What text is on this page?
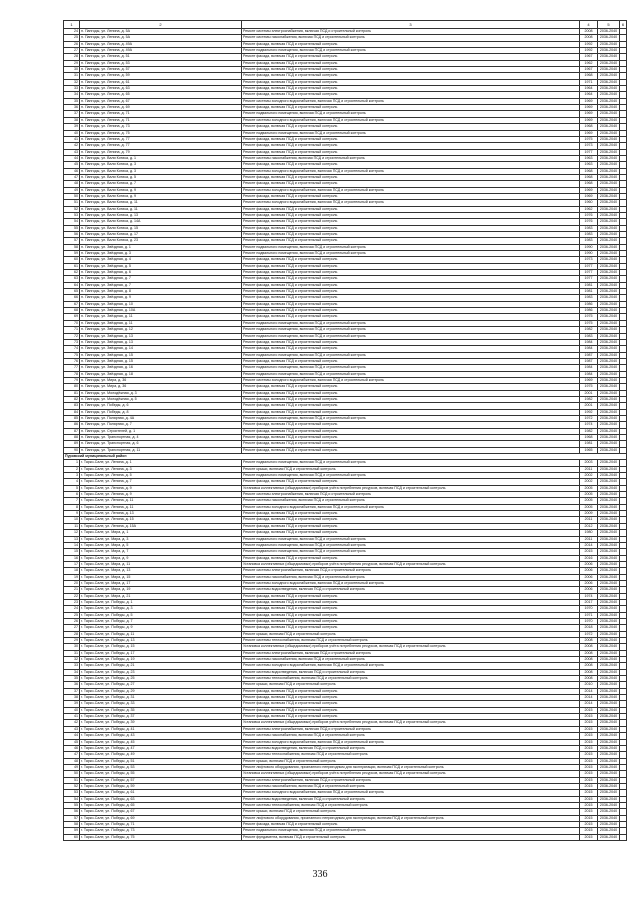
1	2	3	4	5	6
24	п. Пангоды, ул. Ленина, д. 5А	Ремонт системы электроснабжения, включая ПСД и строительный контроль	2008	2036-2040	
25	п. Пангоды, ул. Ленина, д. 5А	Ремонт системы газоснабжения, включая ПСД и строительный контроль	2008	2036-2040	
26	п. Пангоды, ул. Ленина, д. 49А	Ремонт фасада, включая ПСД и строительный контроль	1992	2036-2040	
27	п. Пангоды, ул. Ленина, д. 49А	Ремонт подвального помещения, включая ПСД и строительный контроль	1992	2036-2040	
28	п. Пангоды, ул. Ленина, д. 51	Ремонт фасада, включая ПСД и строительный контроль	1967	2036-2040	
29	п. Пангоды, ул. Ленина, д. 53	Ремонт фасада, включая ПСД и строительный контроль	1962	2036-2040	
30	п. Пангоды, ул. Ленина, д. 57	Ремонт фасада, включая ПСД и строительный контроль	1967	2036-2040	
31	п. Пангоды, ул. Ленина, д. 59	Ремонт фасада, включая ПСД и строительный контроль	1968	2036-2040	
32	п. Пангоды, ул. Ленина, д. 61	Ремонт фасада, включая ПСД и строительный контроль	1971	2036-2040	
33	п. Пангоды, ул. Ленина, д. 63	Ремонт фасада, включая ПСД и строительный контроль	1964	2036-2040	
34	п. Пангоды, ул. Ленина, д. 65	Ремонт фасада, включая ПСД и строительный контроль	1964	2036-2040	
35	п. Пангоды, ул. Ленина, д. 67	Ремонт системы холодного водоснабжения, включая ПСД и строительный контроль	1969	2036-2040	
36	п. Пангоды, ул. Ленина, д. 69	Ремонт фасада, включая ПСД и строительный контроль	1969	2036-2040	
37	п. Пангоды, ул. Ленина, д. 71	Ремонт подвального помещения, включая ПСД и строительный контроль	1969	2036-2040	
38	п. Пангоды, ул. Ленина, д. 71	Ремонт системы холодного водоснабжения, включая ПСД и строительный контроль	1969	2036-2040	
39	п. Пангоды, ул. Ленина, д. 73	Ремонт фасада, включая ПСД и строительный контроль	1968	2036-2040	
40	п. Пангоды, ул. Ленина, д. 75	Ремонт подвального помещения, включая ПСД и строительный контроль	1969	2036-2040	
41	п. Пангоды, ул. Ленина, д. 77	Ремонт фасада, включая ПСД и строительный контроль	1975	2036-2040	
42	п. Пангоды, ул. Ленина, д. 77	Ремонт фасада, включая ПСД и строительный контроль	1973	2036-2040	
43	п. Пангоды, ул. Ленина, д. 79	Ремонт фасада, включая ПСД и строительный контроль	1977	2036-2040	
44	п. Пангоды, ул. Вали Котика, д. 1	Ремонт системы газоснабжения, включая ПСД и строительный контроль	1963	2036-2040	
45	п. Пангоды, ул. Вали Котика, д. 3	Ремонт фасада, включая ПСД и строительный контроль	1963	2036-2040	
46	п. Пангоды, ул. Вали Котика, д. 3	Ремонт системы холодного водоснабжения, включая ПСД и строительный контроль	1968	2036-2040	
47	п. Пангоды, ул. Вали Котика, д. 5	Ремонт фасада, включая ПСД и строительный контроль	1968	2036-2040	
48	п. Пангоды, ул. Вали Котика, д. 7	Ремонт фасада, включая ПСД и строительный контроль	1968	2036-2040	
49	п. Пангоды, ул. Вали Котика, д. 9	Ремонт системы холодного водоснабжения, включая ПСД и строительный контроль	1969	2036-2040	
50	п. Пангоды, ул. Вали Котика, д. 9	Ремонт фасада, включая ПСД и строительный контроль	1969	2036-2040	
51	п. Пангоды, ул. Вали Котика, д. 11	Ремонт системы холодного водоснабжения, включая ПСД и строительный контроль	1960	2036-2040	
52	п. Пангоды, ул. Вали Котика, д. 11	Ремонт фасада, включая ПСД и строительный контроль	1962	2036-2040	
53	п. Пангоды, ул. Вали Котика, д. 13	Ремонт фасада, включая ПСД и строительный контроль	1976	2036-2040	
54	п. Пангоды, ул. Вали Котика, д. 14А	Ремонт фасада, включая ПСД и строительный контроль	1976	2036-2040	
55	п. Пангоды, ул. Вали Котика, д. 15	Ремонт фасада, включая ПСД и строительный контроль	1983	2036-2040	
56	п. Пангоды, ул. Вали Котика, д. 17	Ремонт фасада, включая ПСД и строительный контроль	1983	2036-2040	
57	п. Пангоды, ул. Вали Котика, д. 23	Ремонт фасада, включая ПСД и строительный контроль	1983	2036-2040	
58	п. Пангоды, ул. Звёздная, д. 1	Ремонт подвального помещения, включая ПСД и строительный контроль	1990	2036-2040	
59	п. Пангоды, ул. Звёздная, д. 3	Ремонт подвального помещения, включая ПСД и строительный контроль	1990	2036-2040	
60	п. Пангоды, ул. Звёздная, д. 4	Ремонт фасада, включая ПСД и строительный контроль	1973	2036-2040	
61	п. Пангоды, ул. Звёздная, д. 5	Ремонт фасада, включая ПСД и строительный контроль	1977	2036-2040	
62	п. Пангоды, ул. Звёздная, д. 6	Ремонт фасада, включая ПСД и строительный контроль	1977	2036-2040	
63	п. Пангоды, ул. Звёздная, д. 7	Ремонт фасада, включая ПСД и строительный контроль	1977	2036-2040	
64	п. Пангоды, ул. Звёздная, д. 7	Ремонт фасада, включая ПСД и строительный контроль	1981	2036-2040	
65	п. Пангоды, ул. Звёздная, д. 8	Ремонт фасада, включая ПСД и строительный контроль	1981	2036-2040	
66	п. Пангоды, ул. Звёздная, д. 9	Ремонт фасада, включая ПСД и строительный контроль	1983	2036-2040	
67	п. Пангоды, ул. Звёздная, д. 10	Ремонт фасада, включая ПСД и строительный контроль	1986	2036-2040	
68	п. Пангоды, ул. Звёздная, д. 10А	Ремонт фасада, включая ПСД и строительный контроль	1986	2036-2040	
69	п. Пангоды, ул. Звёздная, д. 11	Ремонт фасада, включая ПСД и строительный контроль	1975	2036-2040	
70	п. Пангоды, ул. Звёздная, д. 11	Ремонт подвального помещения, включая ПСД и строительный контроль	1975	2036-2040	
71	п. Пангоды, ул. Звёздная, д. 12	Ремонт подвального помещения, включая ПСД и строительный контроль	1982	2036-2040	
72	п. Пангоды, ул. Звёздная, д. 13	Ремонт подвального помещения, включая ПСД и строительный контроль	1983	2036-2040	
73	п. Пангоды, ул. Звёздная, д. 13	Ремонт фасада, включая ПСД и строительный контроль	1984	2036-2040	
74	п. Пангоды, ул. Звёздная, д. 14	Ремонт фасада, включая ПСД и строительный контроль	1984	2036-2040	
75	п. Пангоды, ул. Звёздная, д. 15	Ремонт подвального помещения, включая ПСД и строительный контроль	1987	2036-2040	
76	п. Пангоды, ул. Звёздная, д. 15	Ремонт фасада, включая ПСД и строительный контроль	1987	2036-2040	
77	п. Пангоды, ул. Звёздная, д. 16	Ремонт подвального помещения, включая ПСД и строительный контроль	1984	2036-2040	
78	п. Пангоды, ул. Звёздная, д. 18	Ремонт подвального помещения, включая ПСД и строительный контроль	1984	2036-2040	
79	п. Пангоды, ул. Мира, д. 36	Ремонт системы холодного водоснабжения, включая ПСД и строительный контроль	1969	2036-2040	
80	п. Пангоды, ул. Мира, д. 36	Ремонт фасада, включая ПСД и строительный контроль	1975	2036-2040	
81	п. Пангоды, ул. Молодёжная, д. 3	Ремонт фасада, включая ПСД и строительный контроль	2001	2036-2040	
82	п. Пангоды, ул. Молодёжная, д. 5	Ремонт фасада, включая ПСД и строительный контроль	1982	2036-2040	
83	п. Пангоды, ул. Победы, д. 6	Ремонт фасада, включая ПСД и строительный контроль	2001	2036-2040	
84	п. Пангоды, ул. Победы, д. 8	Ремонт фасада, включая ПСД и строительный контроль	1992	2036-2040	
85	п. Пангоды, ул. Полярная, д. 4А	Ремонт подвального помещения, включая ПСД и строительный контроль	1972	2036-2040	
86	п. Пангоды, ул. Полярная, д. 7	Ремонт фасада, включая ПСД и строительный контроль	1974	2036-2040	
87	п. Пангоды, ул. Строителей, д. 1	Ремонт фасада, включая ПСД и строительный контроль	1982	2036-2040	
88	п. Пангоды, ул. Транспортная, д. 4	Ремонт фасада, включая ПСД и строительный контроль	1968	2036-2040	
89	п. Пангоды, ул. Транспортная, д. 6	Ремонт фасада, включая ПСД и строительный контроль	1981	2036-2040	
90	п. Пангоды, ул. Транспортная, д. 11	Ремонт фасада, включая ПСД и строительный контроль	1965	2036-2040	
Пуровский муниципальный район					
1	г. Тарко-Сале, ул. Ленина, д. 1	Ремонт подвального помещения, включая ПСД и строительный контроль	2003	2036-2040	
2	г. Тарко-Сале, ул. Ленина, д. 3	Ремонт крыши, включая ПСД и строительный контроль	2011	2036-2040	
3	г. Тарко-Сале, ул. Ленина, д. 5	Ремонт подвального помещения, включая ПСД и строительный контроль	2002	2036-2040	
4	г. Тарко-Сале, ул. Ленина, д. 7	Ремонт фасада, включая ПСД и строительный контроль	2002	2036-2040	
5	г. Тарко-Сале, ул. Ленина, д. 9	Установка коллективных (общедомовых) приборов учёта потребления ресурсов, включая ПСД и строительный контроль	2005	2036-2040	
6	г. Тарко-Сале, ул. Ленина, д. 9	Ремонт системы электроснабжения, включая ПСД и строительный контроль	2005	2036-2040	
7	г. Тарко-Сале, ул. Ленина, д. 11	Ремонт системы газоснабжения, включая ПСД и строительный контроль	2005	2036-2040	
8	г. Тарко-Сале, ул. Ленина, д. 11	Ремонт системы холодного водоснабжения, включая ПСД и строительный контроль	2005	2036-2040	
9	г. Тарко-Сале, ул. Ленина, д. 13	Ремонт фасада, включая ПСД и строительный контроль	2009	2036-2040	
10	г. Тарко-Сале, ул. Ленина, д. 15	Ремонт фасада, включая ПСД и строительный контроль	2011	2036-2040	
11	г. Тарко-Сале, ул. Ленина, д. 15А	Ремонт фасада, включая ПСД и строительный контроль	2012	2036-2040	
12	г. Тарко-Сале, ул. Мира, д. 1	Ремонт фасада, включая ПСД и строительный контроль	1980	2036-2040	
13	г. Тарко-Сале, ул. Мира, д. 3	Ремонт подвального помещения, включая ПСД и строительный контроль	2011	2036-2040	
14	г. Тарко-Сале, ул. Мира, д. 5	Ремонт подвального помещения, включая ПСД и строительный контроль	2014	2036-2040	
15	г. Тарко-Сале, ул. Мира, д. 7	Ремонт подвального помещения, включая ПСД и строительный контроль	2015	2036-2040	
16	г. Тарко-Сале, ул. Мира, д. 9	Ремонт фасада, включая ПСД и строительный контроль	2016	2036-2040	
17	г. Тарко-Сале, ул. Мира, д. 11	Установка коллективных (общедомовых) приборов учёта потребления ресурсов, включая ПСД и строительный контроль	2006	2036-2040	
18	г. Тарко-Сале, ул. Мира, д. 13	Ремонт системы электроснабжения, включая ПСД и строительный контроль	2006	2036-2040	
19	г. Тарко-Сале, ул. Мира, д. 15	Ремонт системы газоснабжения, включая ПСД и строительный контроль	2006	2036-2040	
20	г. Тарко-Сале, ул. Мира, д. 17	Ремонт системы холодного водоснабжения, включая ПСД и строительный контроль	2006	2036-2040	
21	г. Тарко-Сале, ул. Мира, д. 19	Ремонт системы водоотведения, включая ПСД и строительный контроль	2006	2036-2040	
22	г. Тарко-Сале, ул. Мира, д. 21	Ремонт фасада, включая ПСД и строительный контроль	1974	2036-2040	
23	г. Тарко-Сале, ул. Победы, д. 1	Ремонт фасада, включая ПСД и строительный контроль	2017	2036-2040	
24	г. Тарко-Сале, ул. Победы, д. 3	Ремонт фасада, включая ПСД и строительный контроль	1970	2036-2040	
25	г. Тарко-Сале, ул. Победы, д. 5	Ремонт фасада, включая ПСД и строительный контроль	1971	2036-2040	
26	г. Тарко-Сале, ул. Победы, д. 7	Ремонт фасада, включая ПСД и строительный контроль	1970	2036-2040	
27	г. Тарко-Сале, ул. Победы, д. 9	Ремонт фасада, включая ПСД и строительный контроль	2018	2036-2040	
28	г. Тарко-Сале, ул. Победы, д. 11	Ремонт крыши, включая ПСД и строительный контроль	1972	2036-2040	
29	г. Тарко-Сале, ул. Победы, д. 13	Ремонт системы теплоснабжения, включая ПСД и строительный контроль	2008	2036-2040	
30	г. Тарко-Сале, ул. Победы, д. 15	Установка коллективных (общедомовых) приборов учёта потребления ресурсов, включая ПСД и строительный контроль	2008	2036-2040	
31	г. Тарко-Сале, ул. Победы, д. 17	Ремонт системы электроснабжения, включая ПСД и строительный контроль	2008	2036-2040	
32	г. Тарко-Сале, ул. Победы, д. 19	Ремонт системы газоснабжения, включая ПСД и строительный контроль	2008	2036-2040	
33	г. Тарко-Сале, ул. Победы, д. 21	Ремонт системы холодного водоснабжения, включая ПСД и строительный контроль	2008	2036-2040	
34	г. Тарко-Сале, ул. Победы, д. 23	Ремонт системы водоотведения, включая ПСД и строительный контроль	2008	2036-2040	
35	г. Тарко-Сале, ул. Победы, д. 25	Ремонт системы теплоснабжения, включая ПСД и строительный контроль	2008	2036-2040	
36	г. Тарко-Сале, ул. Победы, д. 27	Ремонт крыши, включая ПСД и строительный контроль	2010	2036-2040	
37	г. Тарко-Сале, ул. Победы, д. 29	Ремонт фасада, включая ПСД и строительный контроль	2014	2036-2040	
38	г. Тарко-Сале, ул. Победы, д. 31	Ремонт фасада, включая ПСД и строительный контроль	2014	2036-2040	
39	г. Тарко-Сале, ул. Победы, д. 33	Ремонт фасада, включая ПСД и строительный контроль	2014	2036-2040	
40	г. Тарко-Сале, ул. Победы, д. 35	Ремонт фасада, включая ПСД и строительный контроль	2015	2036-2040	
41	г. Тарко-Сале, ул. Победы, д. 37	Ремонт фасада, включая ПСД и строительный контроль	2015	2036-2040	
42	г. Тарко-Сале, ул. Победы, д. 39	Установка коллективных (общедомовых) приборов учёта потребления ресурсов, включая ПСД и строительный контроль	2015	2036-2040	
43	г. Тарко-Сале, ул. Победы, д. 41	Ремонт системы электроснабжения, включая ПСД и строительный контроль	2015	2036-2040	
44	г. Тарко-Сале, ул. Победы, д. 43	Ремонт системы газоснабжения, включая ПСД и строительный контроль	2015	2036-2040	
45	г. Тарко-Сале, ул. Победы, д. 45	Ремонт системы холодного водоснабжения, включая ПСД и строительный контроль	2015	2036-2040	
46	г. Тарко-Сале, ул. Победы, д. 47	Ремонт системы водоотведения, включая ПСД и строительный контроль	2015	2036-2040	
47	г. Тарко-Сале, ул. Победы, д. 49	Ремонт системы теплоснабжения, включая ПСД и строительный контроль	2015	2036-2040	
48	г. Тарко-Сале, ул. Победы, д. 51	Ремонт крыши, включая ПСД и строительный контроль	2015	2036-2040	
49	г. Тарко-Сале, ул. Победы, д. 53	Ремонт лифтового оборудования, признанного непригодным для эксплуатации, включая ПСД и строительный контроль	2015	2036-2040	
50	г. Тарко-Сале, ул. Победы, д. 55	Установка коллективных (общедомовых) приборов учёта потребления ресурсов, включая ПСД и строительный контроль	2015	2036-2040	
51	г. Тарко-Сале, ул. Победы, д. 57	Ремонт системы электроснабжения, включая ПСД и строительный контроль	2015	2036-2040	
52	г. Тарко-Сале, ул. Победы, д. 59	Ремонт системы газоснабжения, включая ПСД и строительный контроль	2015	2036-2040	
53	г. Тарко-Сале, ул. Победы, д. 61	Ремонт системы холодного водоснабжения, включая ПСД и строительный контроль	2015	2036-2040	
54	г. Тарко-Сале, ул. Победы, д. 63	Ремонт системы водоотведения, включая ПСД и строительный контроль	2015	2036-2040	
55	г. Тарко-Сале, ул. Победы, д. 65	Ремонт системы теплоснабжения, включая ПСД и строительный контроль	2015	2036-2040	
56	г. Тарко-Сале, ул. Победы, д. 67	Ремонт крыши, включая ПСД и строительный контроль	2015	2036-2040	
57	г. Тарко-Сале, ул. Победы, д. 69	Ремонт лифтового оборудования, признанного непригодным для эксплуатации, включая ПСД и строительный контроль	2015	2036-2040	
58	г. Тарко-Сале, ул. Победы, д. 71	Ремонт фасада, включая ПСД и строительный контроль	2015	2036-2040	
59	г. Тарко-Сале, ул. Победы, д. 73	Ремонт подвального помещения, включая ПСД и строительный контроль	2015	2036-2040	
60	г. Тарко-Сале, ул. Победы, д. 75	Ремонт фундамента, включая ПСД и строительный контроль	2015	2036-2040	
336
